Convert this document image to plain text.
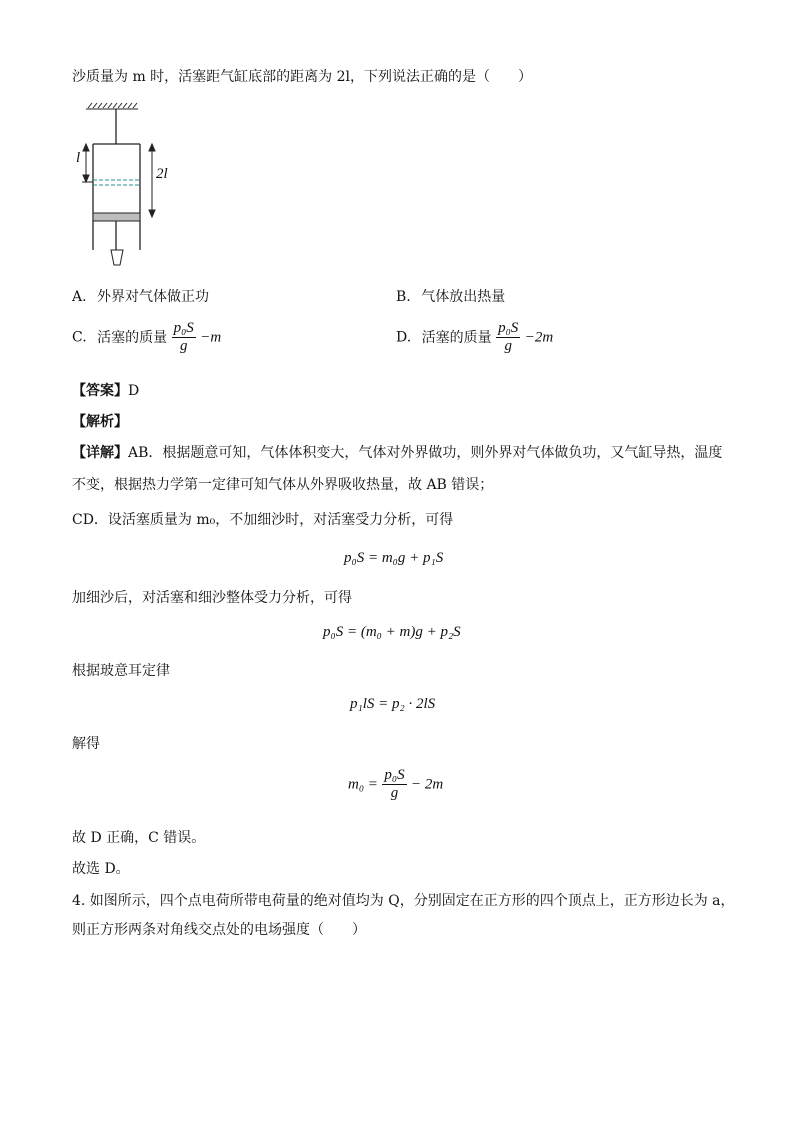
沙质量为 m 时，活塞距气缸底部的距离为 2l，下列说法正确的是（　　）
l
2l
A. 外界对气体做正功	B. 气体放出热量
C. 活塞的质量 $\frac{\text{p₀S}}{g} -m$	D. 活塞的质量 $\frac{\text{p₀S}}{g} -2m$
【答案】D
【解析】
【详解】AB．根据题意可知，气体体积变大，气体对外界做功，则外界对气体做负功，又气缸导热，温度
不变，根据热力学第一定律可知气体从外界吸收热量，故 AB 错误；
CD．设活塞质量为 m₀，不加细沙时，对活塞受力分析，可得
p₀S = m₀g + p₁S
加细沙后，对活塞和细沙整体受力分析，可得
p₀S = (m₀ + m)g + p₂S
根据玻意耳定律
p₁lS = p₂ · 2lS
解得
$m_0 = \frac{\text{p₀S}}{g} - 2m$
故 D 正确，C 错误。
故选 D。
4. 如图所示，四个点电荷所带电荷量的绝对值均为 Q，分别固定在正方形的四个顶点上，正方形边长为 a，
则正方形两条对角线交点处的电场强度（　　）
